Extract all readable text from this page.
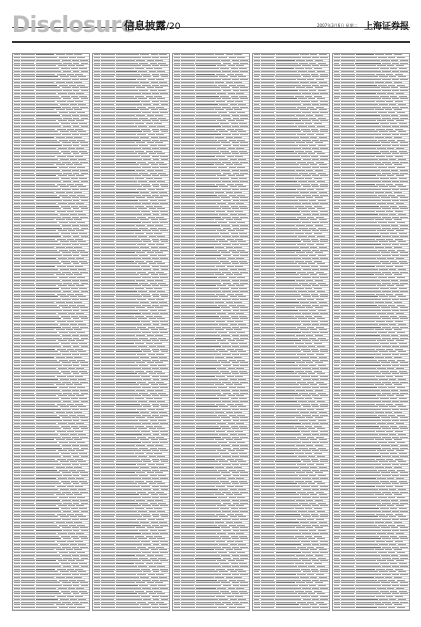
Disclosure
信息披露/20	2007年3月6日 星期二 上海证券报
